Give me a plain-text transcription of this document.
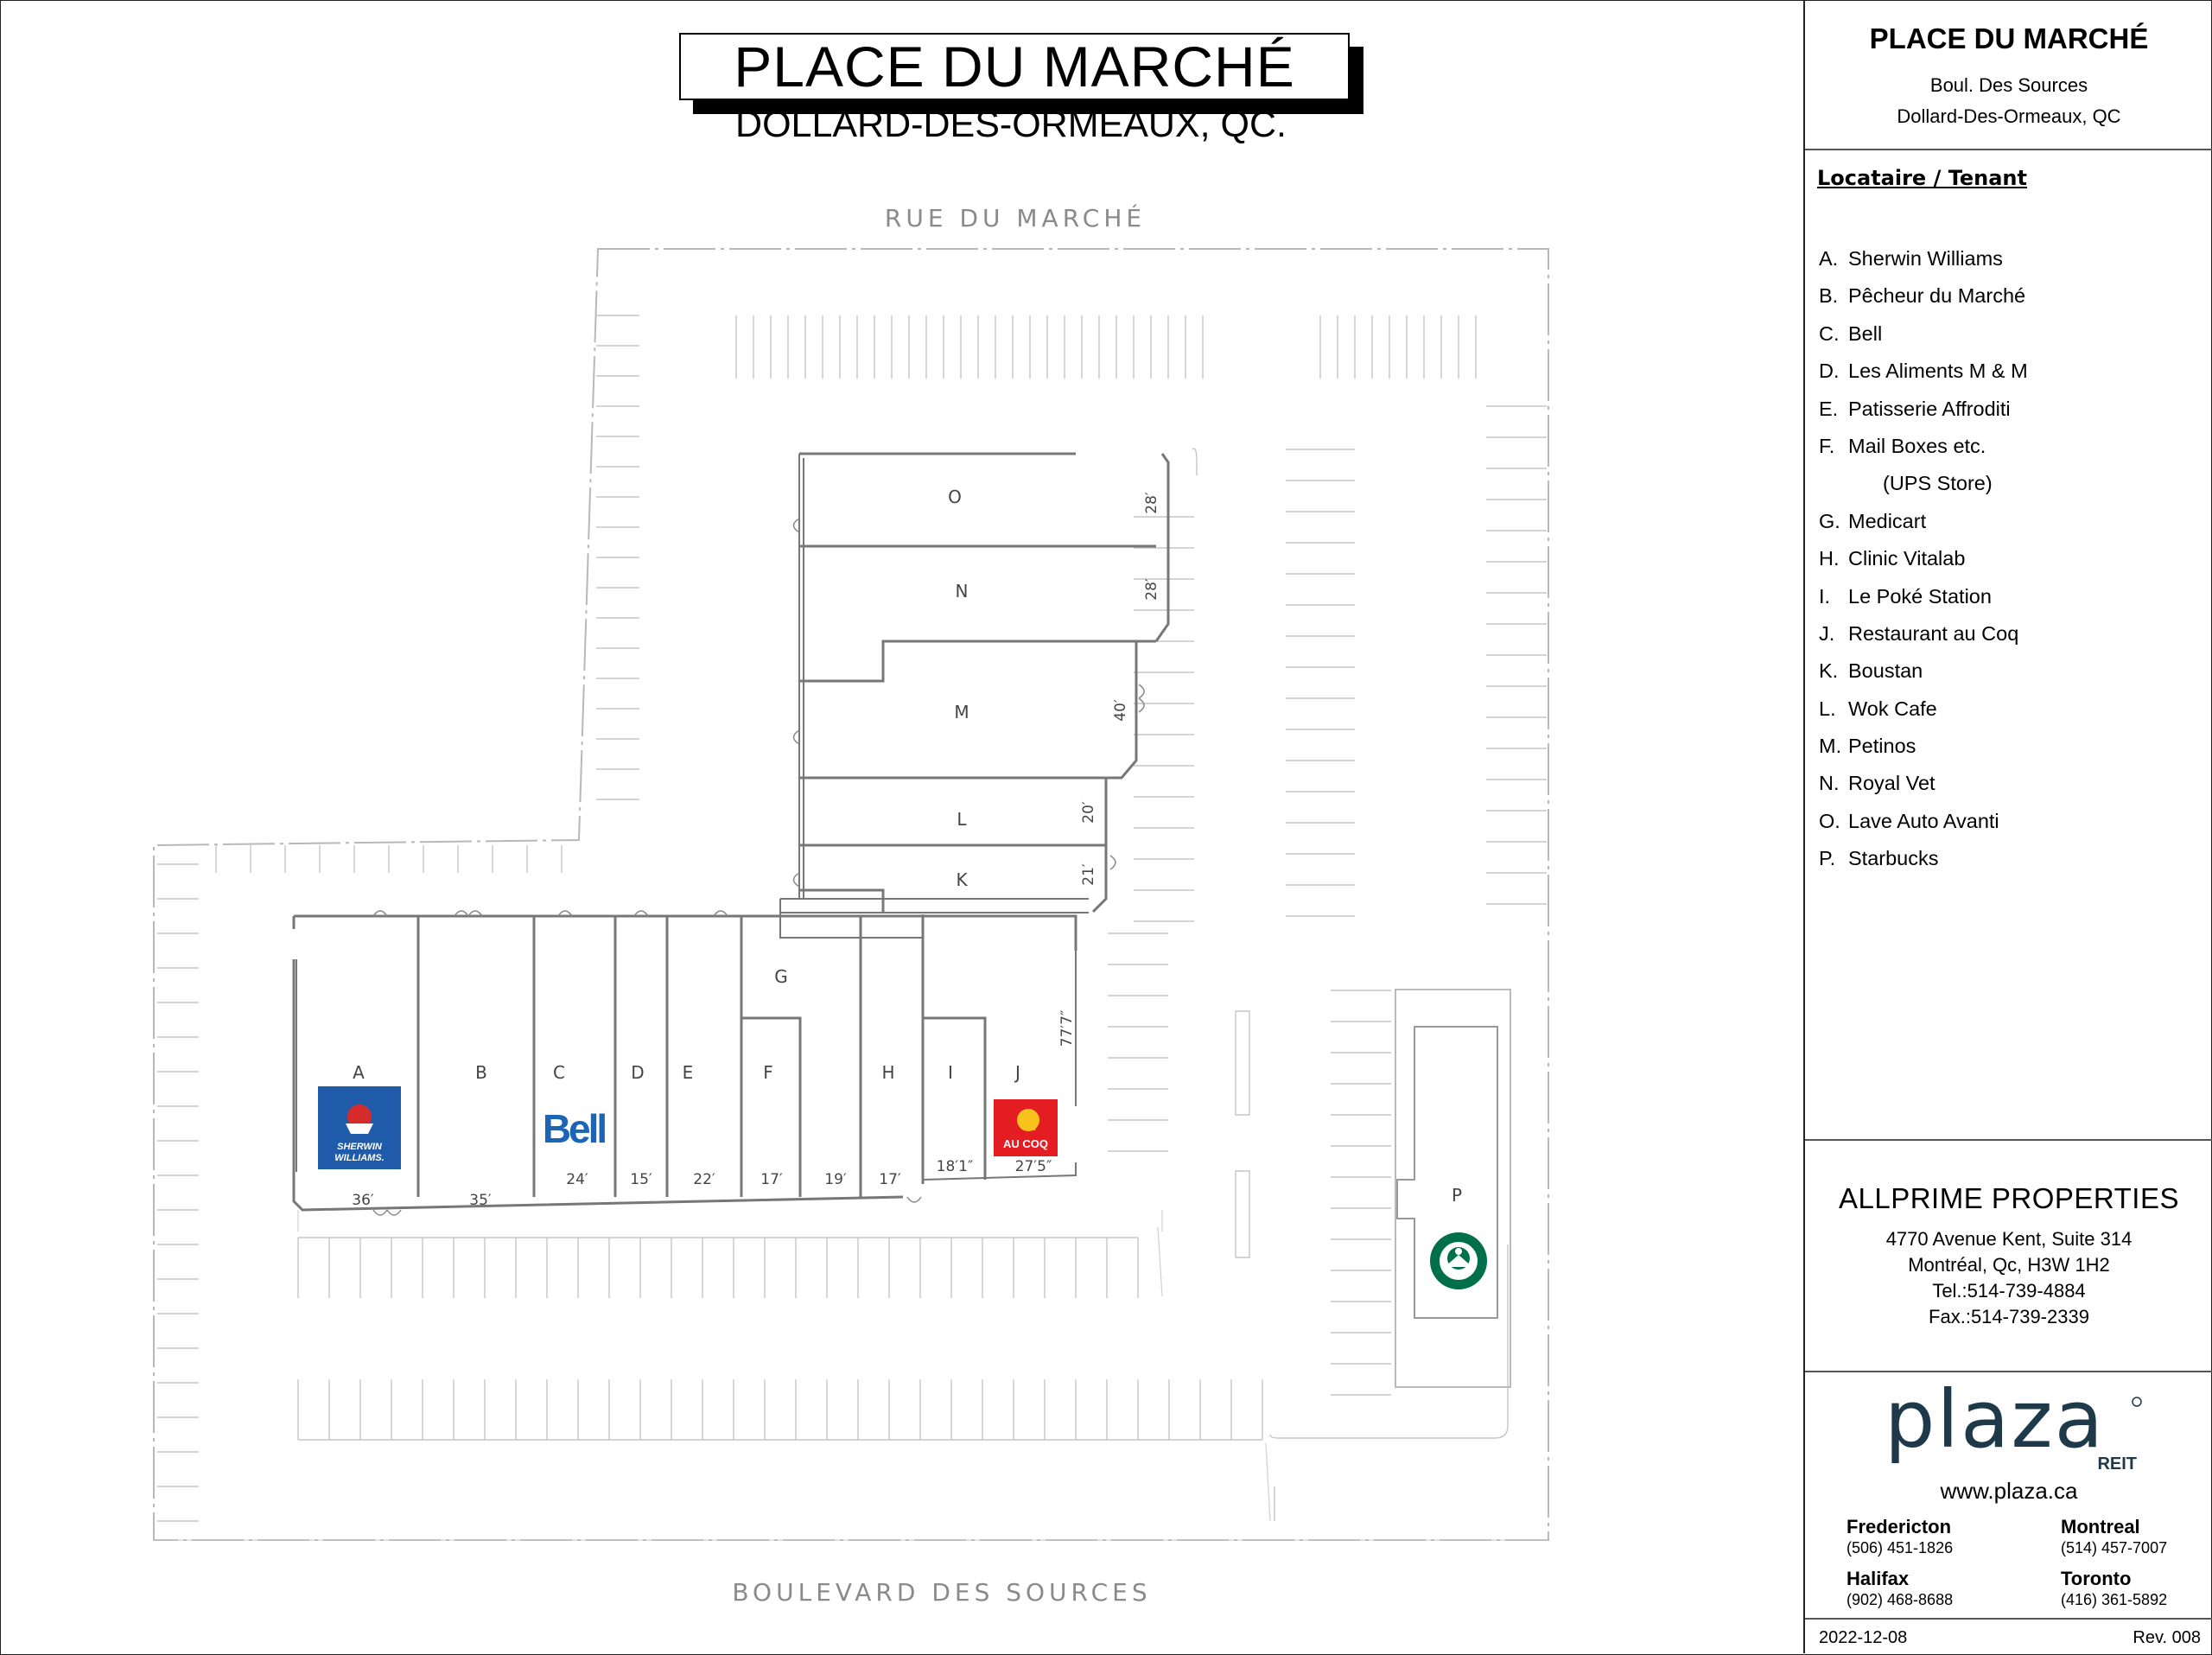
RUE DU MARCHÉ
BOULEVARD DES SOURCES
O
N
M
L
K
G
A	B	C	D E	F	H	I	J
P
36′	35′
24′	15′	22′	17′	19′ 17′
18′1″	27′5″
77′7″
21′
20′
40′
28′
28′
SHERWIN
WILLIAMS.
Bell	AU COQ
PLACE DU MARCHÉ
DOLLARD-DES-ORMEAUX, QC.
PLACE DU MARCHÉ
Boul. Des Sources
Dollard-Des-Ormeaux, QC
Locataire / Tenant
A. Sherwin Williams
B. Pêcheur du Marché
C. Bell
D. Les Aliments M & M
E. Patisserie Affroditi
F. Mail Boxes etc.
(UPS Store)
G. Medicart
H. Clinic Vitalab
I. Le Poké Station
J. Restaurant au Coq
K. Boustan
L. Wok Cafe
M. Petinos
N. Royal Vet
O. Lave Auto Avanti
P. Starbucks
ALLPRIME PROPERTIES
4770 Avenue Kent, Suite 314
Montréal, Qc, H3W 1H2
Tel.:514-739-4884
Fax.:514-739-2339
plaza
REIT
www.plaza.ca
Fredericton
(506) 451-1826
Montreal
(514) 457-7007
Halifax
(902) 468-8688
Toronto
(416) 361-5892
2022-12-08	Rev. 008
